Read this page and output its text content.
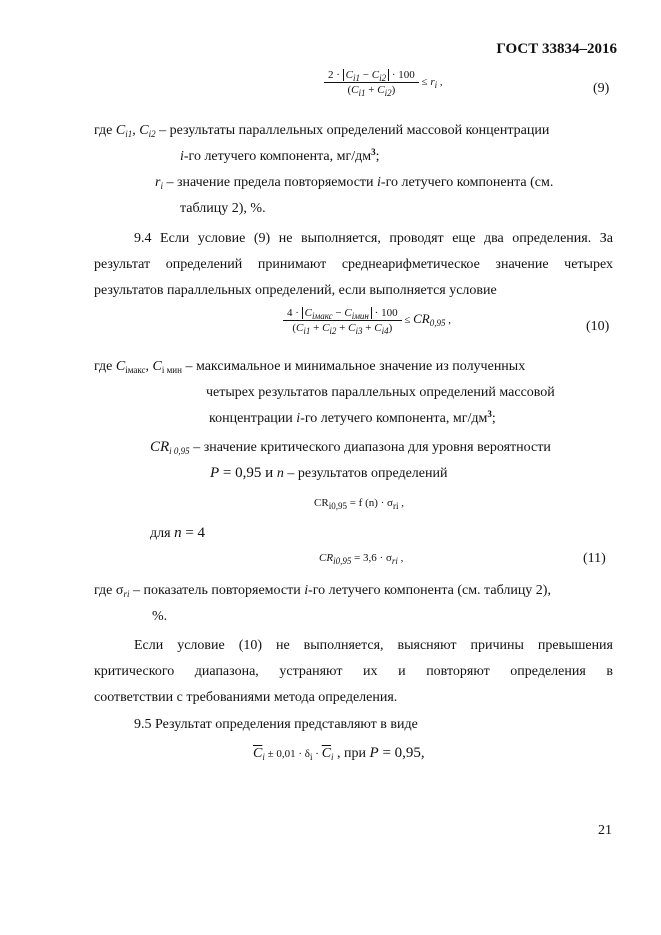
ГОСТ 33834–2016
$\frac{2 \cdot C_{i1} - C_{i2} \cdot 100}{(C_{i1} + C_{i2})} \le r_i$ ,	(9)
где $C_{i1}$, $C_{i2}$ – результаты параллельных определений массовой концентрации
i-го летучего компонента, $мг/дм^3$;
$r_i$ – значение предела повторяемости i-го летучего компонента (см.
таблицу 2), %.
9.4 Если условие (9) не выполняется, проводят еще два определения. За
результат определений принимают среднеарифметическое значение четырех
результатов параллельных определений, если выполняется условие
$\frac{4 \cdot C_{iмакс} - C_{iмин} \cdot 100}{(C_{i1} + C_{i2} + C_{i3} + C_{i4})} \le CR_{0,95}$ ,	(10)
где $C_{iмакс}$, $C_{i мин}$ – максимальное и минимальное значение из полученных
четырех результатов параллельных определений массовой
концентрации i-го летучего компонента, $мг/дм^3$;
$CR_{i 0,95}$ – значение критического диапазона для уровня вероятности
P = 0,95 и n – результатов определений
$CR_{i0,95} = f$ $(n) \cdot \sigma_{ri}$ ,
для n = 4
$CR_{i0,95} = 3,6 \cdot \sigma_{ri}$ ,	(11)
где $\sigma_{ri}$ – показатель повторяемости i-го летучего компонента (см. таблицу 2),
%.
Если условие (10) не выполняется, выясняют причины превышения
критического диапазона, устраняют их и повторяют определения в
соответствии с требованиями метода определения.
9.5 Результат определения представляют в виде
$\overline{C}_i \pm 0,01 \cdot \delta_i \cdot \overline{C}_i$ , при P = 0,95,
21
